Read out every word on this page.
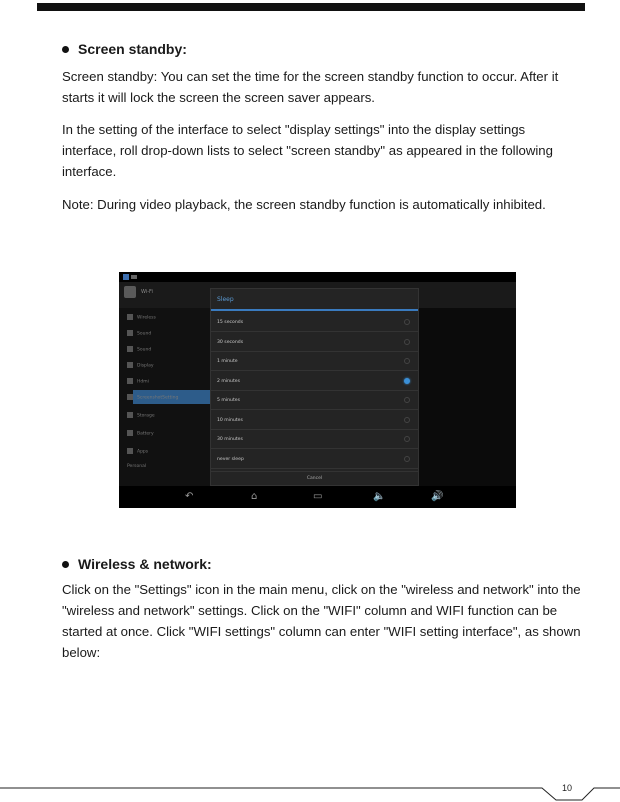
Screen standby:

Screen standby: You can set the time for the screen standby function to occur. After it starts it will lock the screen the screen saver appears.

In the setting of the interface to select "display settings" into the display settings interface, roll drop-down lists to select "screen standby" as appeared in the following interface.

Note: During video playback, the screen standby function is automatically inhibited.

Wi-Fi
Wireless
Sound
Sound
Display
Hdmi
ScreenshotSetting
Storage
Battery
Apps
Personal
Sleep
15 seconds
30 seconds
1 minute
2 minutes
5 minutes
10 minutes
30 minutes
never sleep
Cancel
↶	⌂	▭	🔈	🔊
Wireless & network:

Click on the "Settings" icon in the main menu, click on the "wireless and network" into the "wireless and network" settings. Click on the "WIFI" column and WIFI function can be started at once. Click "WIFI settings" column can enter "WIFI setting interface", as shown below:

10
